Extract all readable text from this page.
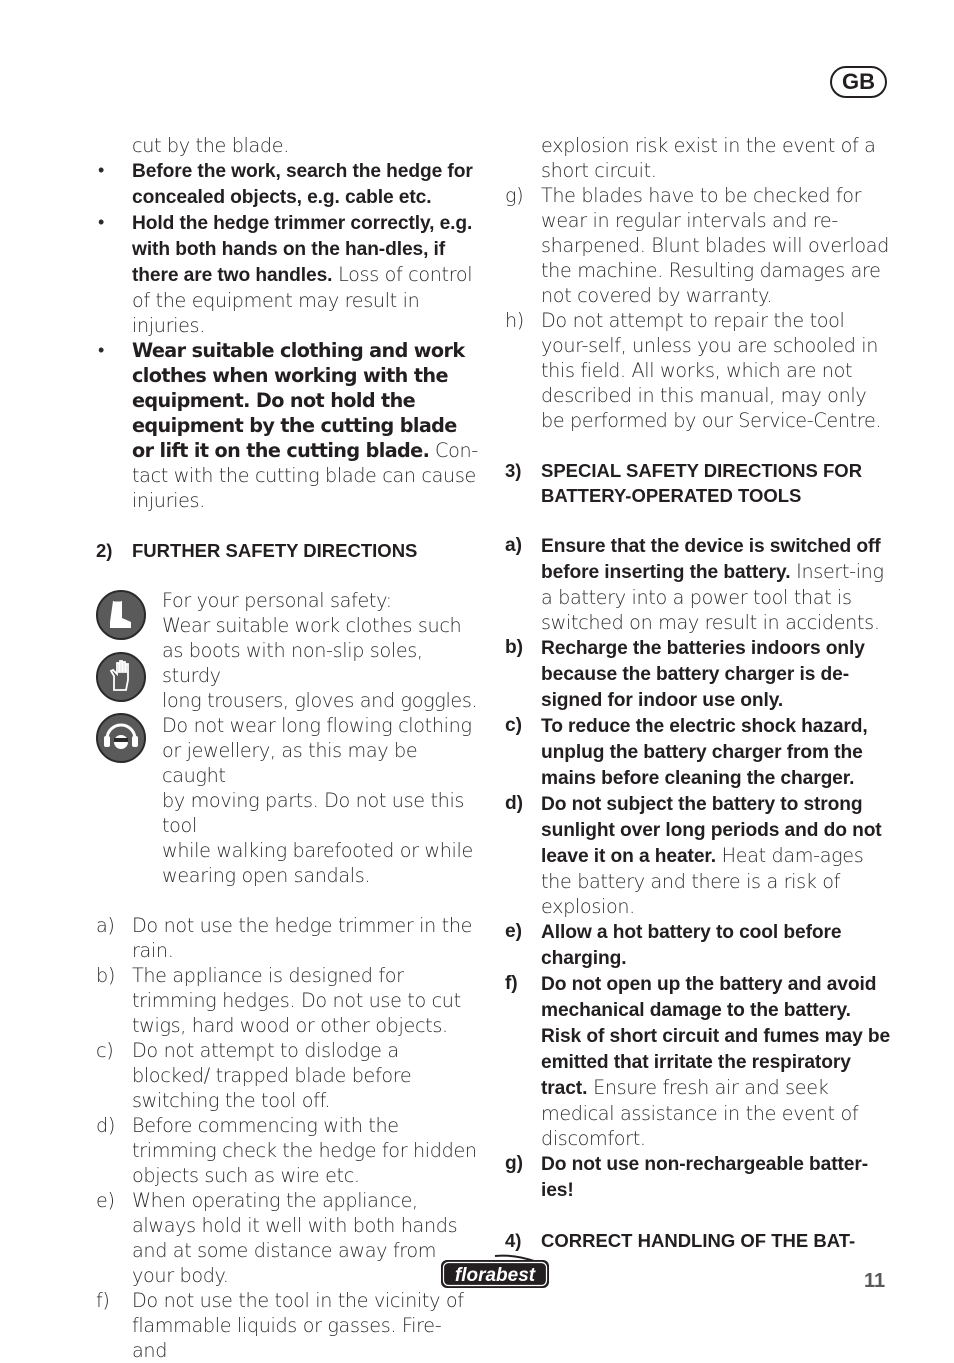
GB
cut by the blade.
•	Before the work, search the hedge for concealed objects, e.g. cable etc.
•	Hold the hedge trimmer correctly, e.g. with both hands on the han-dles, if there are two handles. Loss of control of the equipment may result in injuries.
•	Wear suitable clothing and work clothes when working with the equipment. Do not hold the equipment by the cutting blade or lift it on the cutting blade. Con-tact with the cutting blade can cause injuries.
2)	FURTHER SAFETY DIRECTIONS
For your personal safety:
Wear suitable work clothes such
as boots with non-slip soles, sturdy
long trousers, gloves and goggles.
Do not wear long flowing clothing
or jewellery, as this may be caught
by moving parts. Do not use this tool
while walking barefooted or while
wearing open sandals.
a) Do not use the hedge trimmer in the rain.
b) The appliance is designed for trimming hedges. Do not use to cut twigs, hard wood or other objects.
c) Do not attempt to dislodge a blocked/ trapped blade before switching the tool off.
d) Before commencing with the trimming check the hedge for hidden objects such as wire etc.
e) When operating the appliance, always hold it well with both hands and at some distance away from your body.
f)	Do not use the tool in the vicinity of flammable liquids or gasses. Fire- and
explosion risk exist in the event of a short circuit.
g) The blades have to be checked for wear in regular intervals and re-sharpened. Blunt blades will overload the machine. Resulting damages are not covered by warranty.
h) Do not attempt to repair the tool your-self, unless you are schooled in this field. All works, which are not described in this manual, may only be performed by our Service-Centre.
3)	SPECIAL SAFETY DIRECTIONS FOR BATTERY-OPERATED TOOLS
a) Ensure that the device is switched off before inserting the battery. Insert-ing a battery into a power tool that is switched on may result in accidents.
b) Recharge the batteries indoors only because the battery charger is de-signed for indoor use only.
c) To reduce the electric shock hazard, unplug the battery charger from the mains before cleaning the charger.
d) Do not subject the battery to strong sunlight over long periods and do not leave it on a heater. Heat dam-ages the battery and there is a risk of explosion.
e) Allow a hot battery to cool before charging.
f)	Do not open up the battery and avoid mechanical damage to the battery. Risk of short circuit and fumes may be emitted that irritate the respiratory tract. Ensure fresh air and seek medical assistance in the event of discomfort.
g) Do not use non-rechargeable batter-ies!
4)	CORRECT HANDLING OF THE BAT-
florabest	11
